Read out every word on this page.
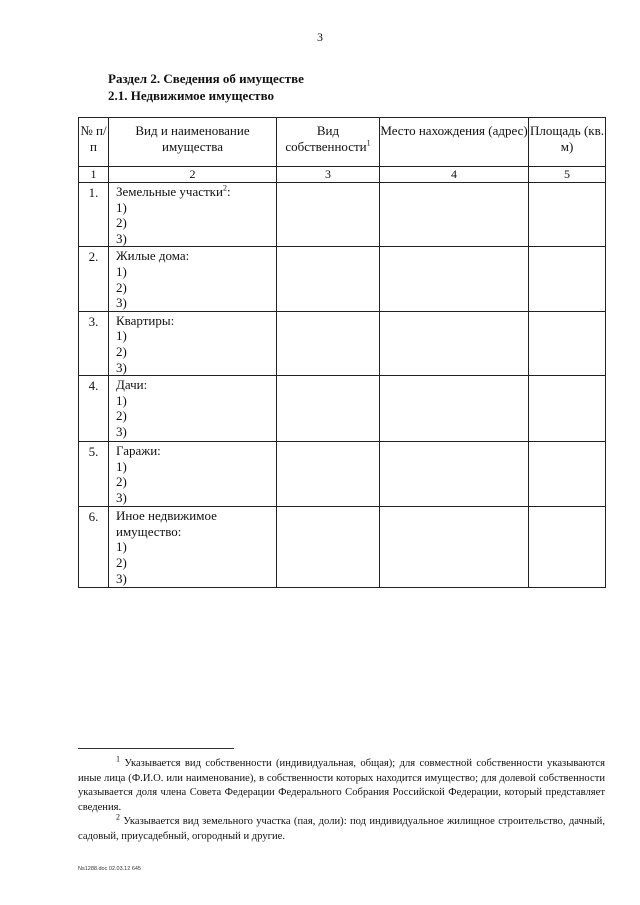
3
Раздел 2. Сведения об имуществе
2.1. Недвижимое имущество
№ п/п	Вид и наименование имущества	Вид собственности$^1$	Место нахождения (адрес)	Площадь (кв. м)
1	2	3	4	5
1.	Земельные участки$^2$:
1)
2)
3)			

2.	Жилые дома:
1)
2)
3)			

3.	Квартиры:
1)
2)
3)			

4.	Дачи:
1)
2)
3)			

5.	Гаражи:
1)
2)
3)			

6.	Иное недвижимое имущество:
1)
2)
3)			

$^1$ Указывается вид собственности (индивидуальная, общая); для совместной собственности указываются иные лица (Ф.И.О. или наименование), в собственности которых находится имущество; для долевой собственности указывается доля члена Совета Федерации Федерального Собрания Российской Федерации, который представляет сведения.
$^2$ Указывается вид земельного участка (пая, доли): под индивидуальное жилищное строительство, дачный, садовый, приусадебный, огородный и другие.
Ns1288.doc 02.03.12 645
